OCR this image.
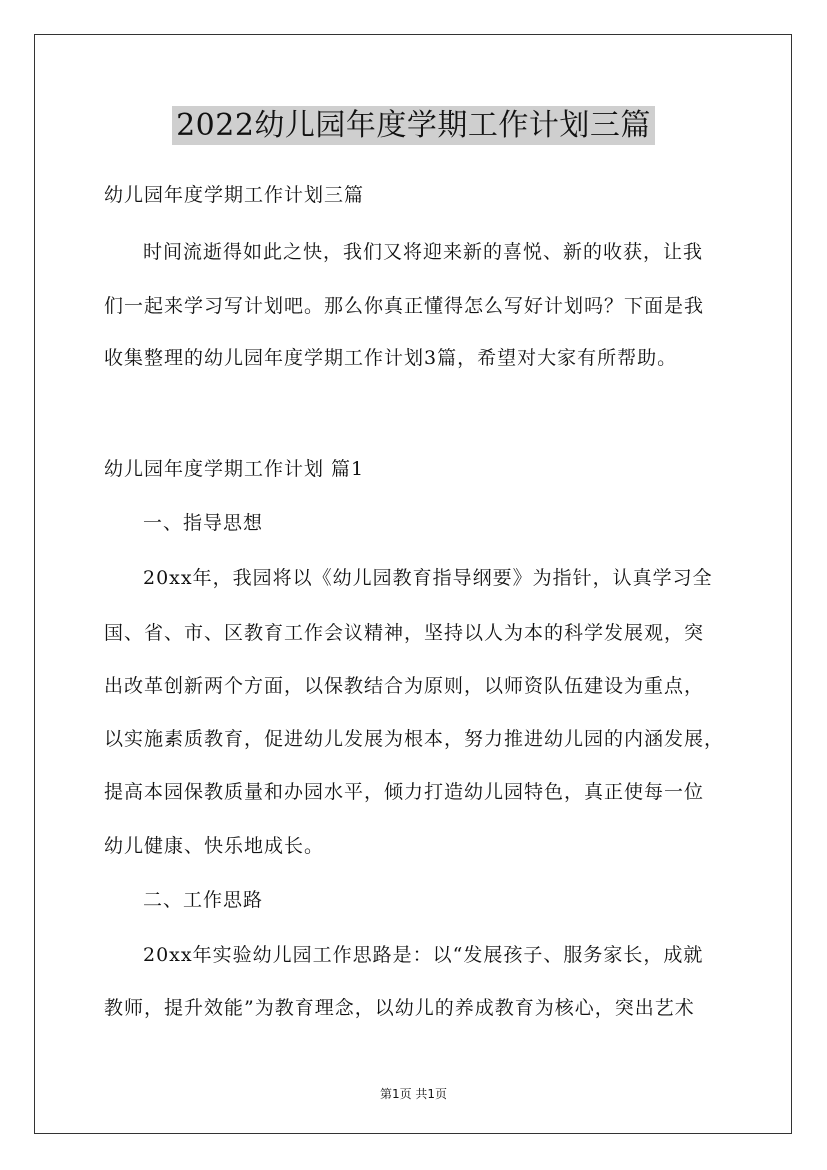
2022幼儿园年度学期工作计划三篇
幼儿园年度学期工作计划三篇
时间流逝得如此之快，我们又将迎来新的喜悦、新的收获，让我
们一起来学习写计划吧。那么你真正懂得怎么写好计划吗？下面是我
收集整理的幼儿园年度学期工作计划3篇，希望对大家有所帮助。
幼儿园年度学期工作计划 篇1
一、指导思想
20xx年，我园将以《幼儿园教育指导纲要》为指针，认真学习全
国、省、市、区教育工作会议精神，坚持以人为本的科学发展观，突
出改革创新两个方面，以保教结合为原则，以师资队伍建设为重点，
以实施素质教育，促进幼儿发展为根本，努力推进幼儿园的内涵发展，
提高本园保教质量和办园水平，倾力打造幼儿园特色，真正使每一位
幼儿健康、快乐地成长。
二、工作思路
20xx年实验幼儿园工作思路是：以“发展孩子、服务家长，成就
教师，提升效能”为教育理念，以幼儿的养成教育为核心，突出艺术
第1页 共1页
